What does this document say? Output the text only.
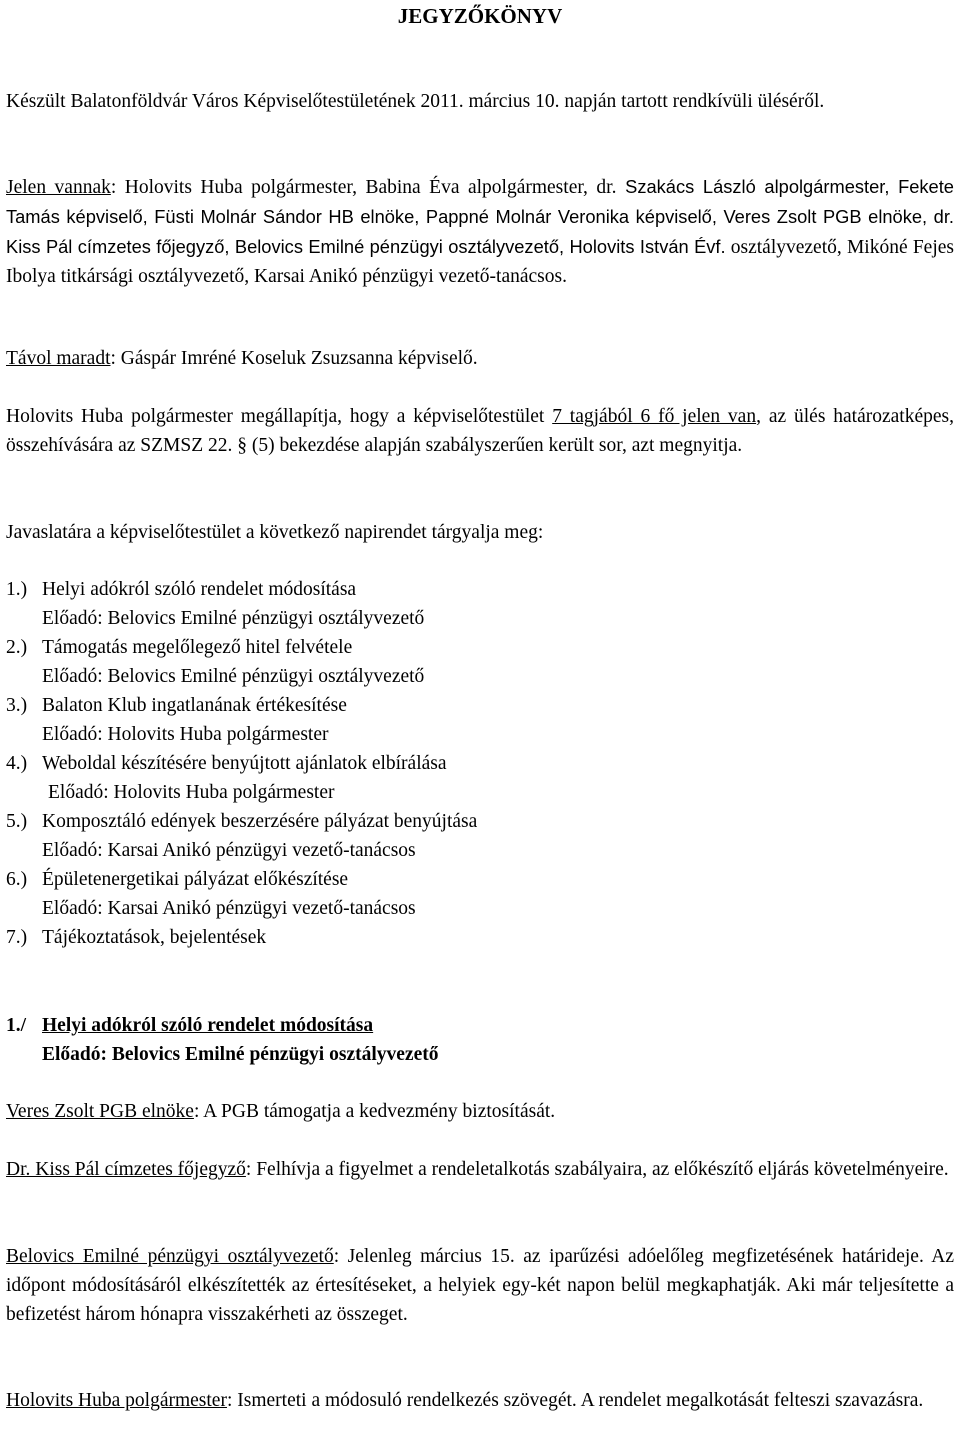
JEGYZŐKÖNYV

Készült Balatonföldvár Város Képviselőtestületének 2011. március 10. napján tartott rendkívüli üléséről.

Jelen vannak: Holovits Huba polgármester, Babina Éva alpolgármester, dr. Szakács László alpolgármester, Fekete Tamás képviselő, Füsti Molnár Sándor HB elnöke, Pappné Molnár Veronika képviselő, Veres Zsolt PGB elnöke, dr. Kiss Pál címzetes főjegyző, Belovics Emilné pénzügyi osztályvezető, Holovits István Évf. osztályvezető, Mikóné Fejes Ibolya titkársági osztályvezető, Karsai Anikó pénzügyi vezető-tanácsos.

Távol maradt: Gáspár Imréné Koseluk Zsuzsanna képviselő.

Holovits Huba polgármester megállapítja, hogy a képviselőtestület 7 tagjából 6 fő jelen van, az ülés határozatképes, összehívására az SZMSZ 22. § (5) bekezdése alapján szabályszerűen került sor, azt megnyitja.

Javaslatára a képviselőtestület a következő napirendet tárgyalja meg:

1.) Helyi adókról szóló rendelet módosítása
Előadó: Belovics Emilné pénzügyi osztályvezető
2.) Támogatás megelőlegező hitel felvétele
Előadó: Belovics Emilné pénzügyi osztályvezető
3.) Balaton Klub ingatlanának értékesítése
Előadó: Holovits Huba polgármester
4.) Weboldal készítésére benyújtott ajánlatok elbírálása
Előadó: Holovits Huba polgármester
5.) Komposztáló edények beszerzésére pályázat benyújtása
Előadó: Karsai Anikó pénzügyi vezető-tanácsos
6.) Épületenergetikai pályázat előkészítése
Előadó: Karsai Anikó pénzügyi vezető-tanácsos
7.) Tájékoztatások, bejelentések
1./ Helyi adókról szóló rendelet módosítása
Előadó: Belovics Emilné pénzügyi osztályvezető

Veres Zsolt PGB elnöke: A PGB támogatja a kedvezmény biztosítását.

Dr. Kiss Pál címzetes főjegyző: Felhívja a figyelmet a rendeletalkotás szabályaira, az előkészítő eljárás követelményeire.

Belovics Emilné pénzügyi osztályvezető: Jelenleg március 15. az iparűzési adóelőleg megfizetésének határideje. Az időpont módosításáról elkészítették az értesítéseket, a helyiek egy-két napon belül megkaphatják. Aki már teljesítette a befizetést három hónapra visszakérheti az összeget.

Holovits Huba polgármester: Ismerteti a módosuló rendelkezés szövegét. A rendelet megalkotását felteszi szavazásra.
